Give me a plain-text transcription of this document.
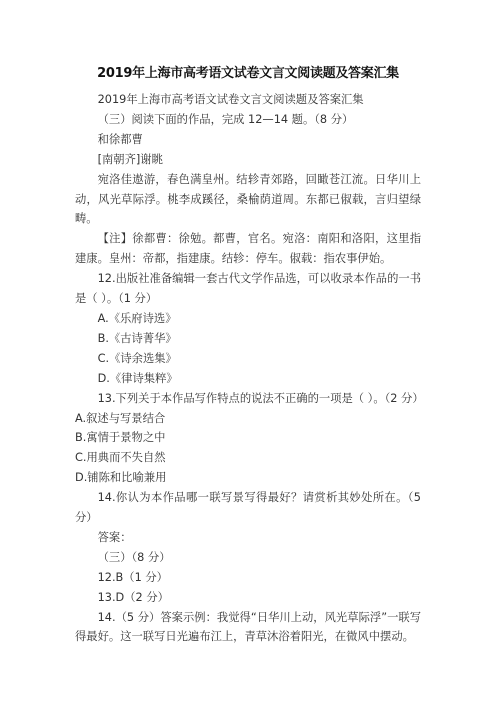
2019年上海市高考语文试卷文言文阅读题及答案汇集

2019年上海市高考语文试卷文言文阅读题及答案汇集

（三）阅读下面的作品，完成 12—14 题。（8 分）

和徐都曹

[南朝齐]谢眺

宛洛佳遨游，春色满皇州。结轸青郊路，回瞰苍江流。日华川上动，风光草际浮。桃李成蹊径，桑榆荫道周。东都已俶载，言归望绿畴。

【注】徐都曹：徐勉。都曹，官名。宛洛：南阳和洛阳，这里指建康。皇州：帝都，指建康。结轸：停车。俶载：指农事伊始。

12.出版社准备编辑一套古代文学作品选，可以收录本作品的一书是（ ）。（1 分）

A.《乐府诗选》

B.《古诗菁华》

C.《诗余选集》

D.《律诗集粹》

13.下列关于本作品写作特点的说法不正确的一项是（ ）。（2 分）

A.叙述与写景结合

B.寓情于景物之中

C.用典而不失自然

D.铺陈和比喻兼用

14.你认为本作品哪一联写景写得最好？请赏析其妙处所在。（5 分）

答案：

（三）（8 分）

12.B（1 分）

13.D（2 分）

14.（5 分）答案示例：我觉得“日华川上动，风光草际浮”一联写得最好。这一联写日光遍布江上，青草沐浴着阳光，在微风中摆动。
